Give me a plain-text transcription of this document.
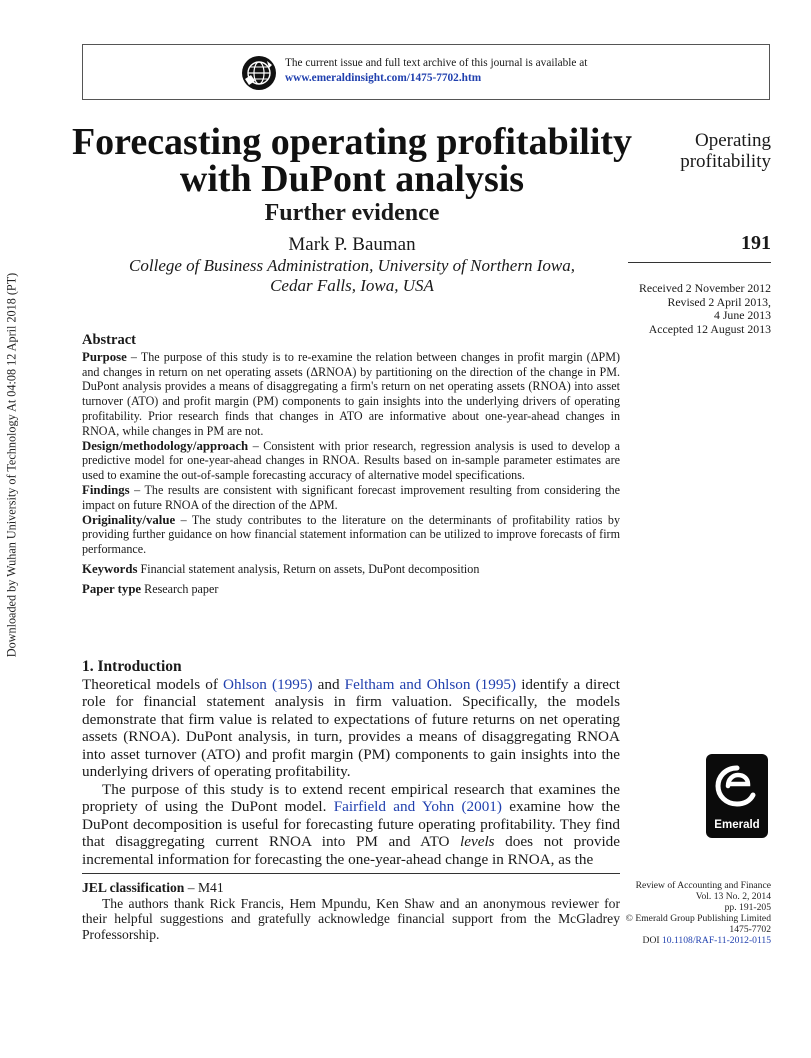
Downloaded by Wuhan University of Technology At 04:08 12 April 2018 (PT)
The current issue and full text archive of this journal is available at
www.emeraldinsight.com/1475-7702.htm
Forecasting operating profitability
with DuPont analysis
Further evidence
Mark P. Bauman
College of Business Administration, University of Northern Iowa,
Cedar Falls, Iowa, USA
Operating
profitability
191
Received 2 November 2012
Revised 2 April 2013,
4 June 2013
Accepted 12 August 2013
Abstract

Purpose – The purpose of this study is to re-examine the relation between changes in profit margin (ΔPM) and changes in return on net operating assets (ΔRNOA) by partitioning on the direction of the change in PM. DuPont analysis provides a means of disaggregating a firm's return on net operating assets (RNOA) into asset turnover (ATO) and profit margin (PM) components to gain insights into the underlying drivers of operating profitability. Prior research finds that changes in ATO are informative about one-year-ahead changes in RNOA, while changes in PM are not.

Design/methodology/approach – Consistent with prior research, regression analysis is used to develop a predictive model for one-year-ahead changes in RNOA. Results based on in-sample parameter estimates are used to examine the out-of-sample forecasting accuracy of alternative model specifications.

Findings – The results are consistent with significant forecast improvement resulting from considering the impact on future RNOA of the direction of the ΔPM.

Originality/value – The study contributes to the literature on the determinants of profitability ratios by providing further guidance on how financial statement information can be utilized to improve forecasts of firm performance.

Keywords Financial statement analysis, Return on assets, DuPont decomposition

Paper type Research paper

1. Introduction

Theoretical models of Ohlson (1995) and Feltham and Ohlson (1995) identify a direct role for financial statement analysis in firm valuation. Specifically, the models demonstrate that firm value is related to expectations of future returns on net operating assets (RNOA). DuPont analysis, in turn, provides a means of disaggregating RNOA into asset turnover (ATO) and profit margin (PM) components to gain insights into the underlying drivers of operating profitability.

The purpose of this study is to extend recent empirical research that examines the propriety of using the DuPont model. Fairfield and Yohn (2001) examine how the DuPont decomposition is useful for forecasting future operating profitability. They find that disaggregating current RNOA into PM and ATO levels does not provide incremental information for forecasting the one-year-ahead change in RNOA, as the

JEL classification – M41

The authors thank Rick Francis, Hem Mpundu, Ken Shaw and an anonymous reviewer for their helpful suggestions and gratefully acknowledge financial support from the McGladrey Professorship.

Emerald
Review of Accounting and Finance
Vol. 13 No. 2, 2014
pp. 191-205
© Emerald Group Publishing Limited
1475-7702
DOI 10.1108/RAF-11-2012-0115
